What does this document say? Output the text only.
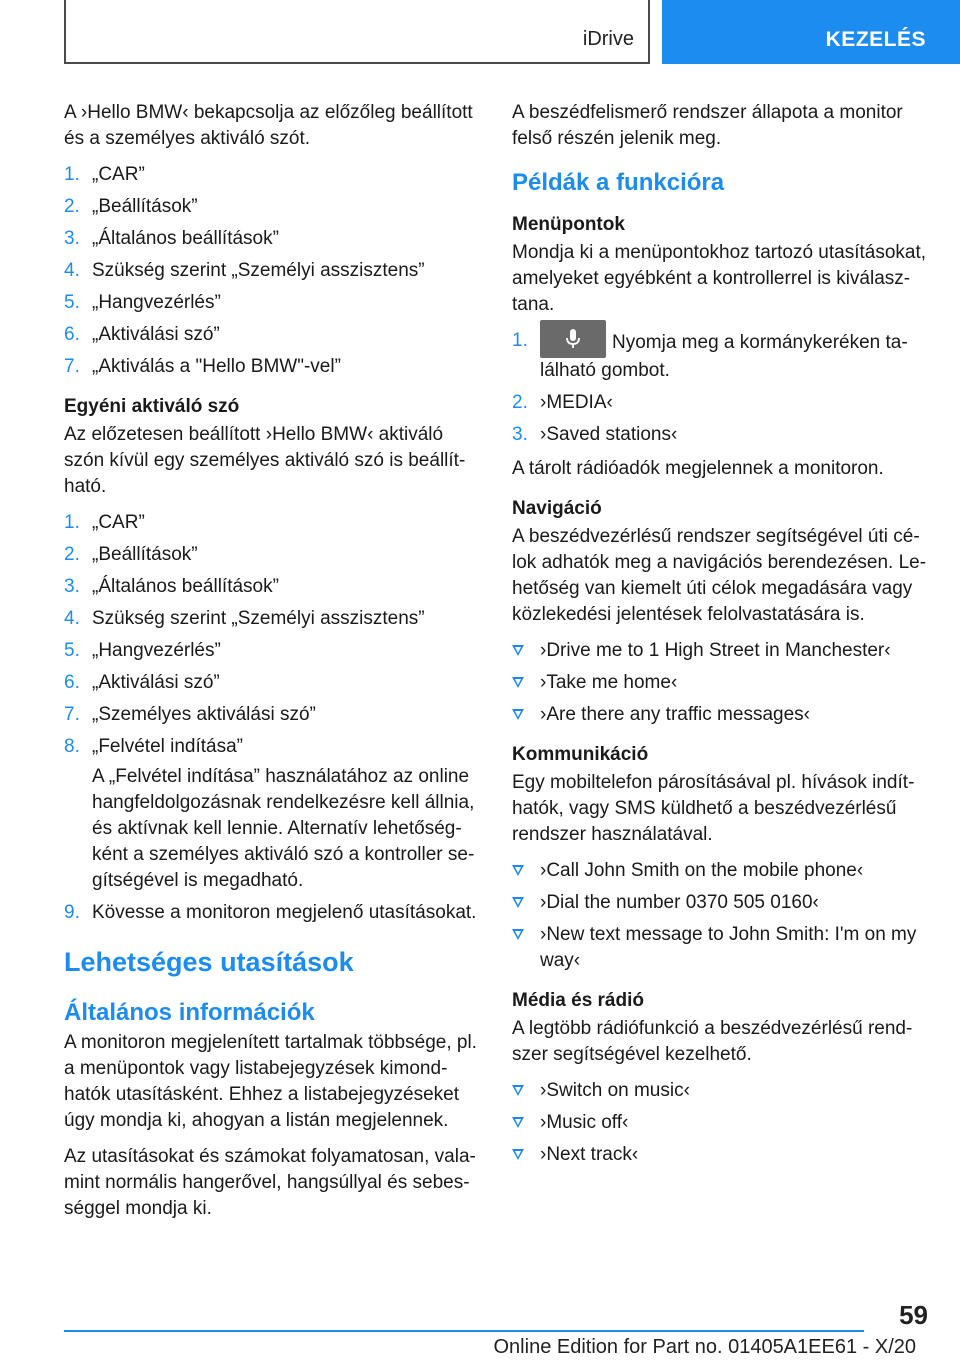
iDrive	KEZELÉS

A ›Hello BMW‹ bekapcsolja az előzőleg beállított és a személyes aktiváló szót.

1. „CAR”
2. „Beállítások”
3. „Általános beállítások”
4. Szükség szerint „Személyi asszisztens”
5. „Hangvezérlés”
6. „Aktiválási szó”
7. „Aktiválás a "Hello BMW"-vel”
Egyéni aktiváló szó

Az előzetesen beállított ›Hello BMW‹ aktiváló szón kívül egy személyes aktiváló szó is beállítható.

1. „CAR”
2. „Beállítások”
3. „Általános beállítások”
4. Szükség szerint „Személyi asszisztens”
5. „Hangvezérlés”
6. „Aktiválási szó”
7. „Személyes aktiválási szó”
8. „Felvétel indítása”
A „Felvétel indítása” használatához az online hangfeldolgozásnak rendelkezésre kell állnia, és aktívnak kell lennie. Alternatív lehetőségként a személyes aktiváló szó a kontroller segítségével is megadható.
9. Kövesse a monitoron megjelenő utasításokat.
Lehetséges utasítások
Általános információk

A monitoron megjelenített tartalmak többsége, pl. a menüpontok vagy listabejegyzések kimondhatók utasításként. Ehhez a listabejegyzéseket úgy mondja ki, ahogyan a listán megjelennek.

Az utasításokat és számokat folyamatosan, valamint normális hangerővel, hangsúllyal és sebességgel mondja ki.

A beszédfelismerő rendszer állapota a monitor felső részén jelenik meg.

Példák a funkcióra
Menüpontok

Mondja ki a menüpontokhoz tartozó utasításokat, amelyeket egyébként a kontrollerrel is kiválasztana.

1.	Nyomja meg a kormánykeréken található gombot.
2. ›MEDIA‹
3. ›Saved stations‹

A tárolt rádióadók megjelennek a monitoron.

Navigáció

A beszédvezérlésű rendszer segítségével úti célok adhatók meg a navigációs berendezésen. Lehetőség van kiemelt úti célok megadására vagy közlekedési jelentések felolvastatására is.

›Drive me to 1 High Street in Manchester‹
›Take me home‹
›Are there any traffic messages‹
Kommunikáció

Egy mobiltelefon párosításával pl. hívások indíthatók, vagy SMS küldhető a beszédvezérlésű rendszer használatával.

›Call John Smith on the mobile phone‹
›Dial the number 0370 505 0160‹
›New text message to John Smith: I'm on my way‹
Média és rádió

A legtöbb rádiófunkció a beszédvezérlésű rendszer segítségével kezelhető.

›Switch on music‹
›Music off‹
›Next track‹
59
Online Edition for Part no. 01405A1EE61 - X/20
